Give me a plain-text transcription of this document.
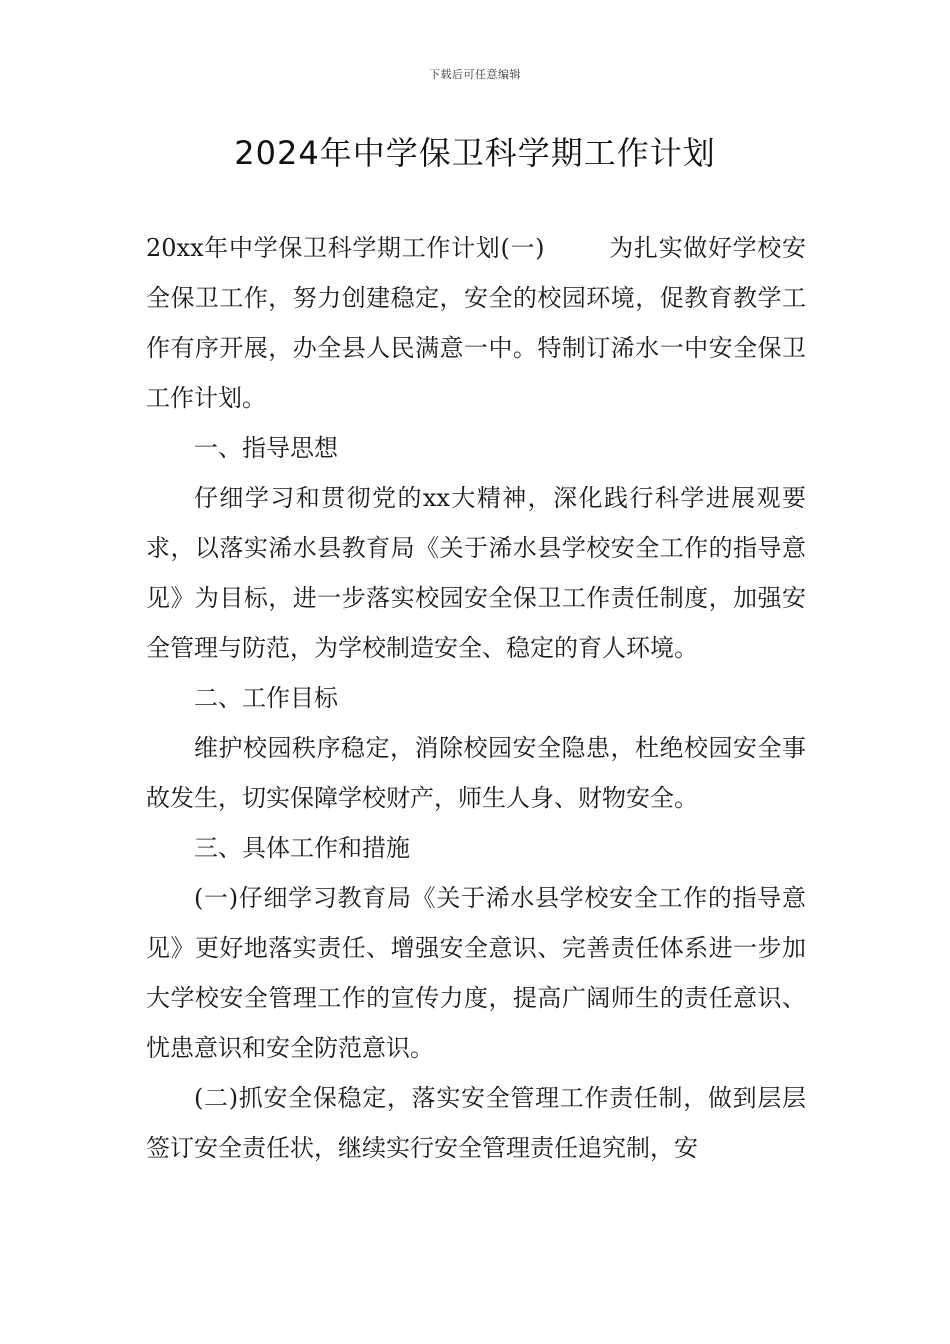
下载后可任意编辑
2024年中学保卫科学期工作计划

20xx年中学保卫科学期工作计划(一)	为扎实做好学校安全保卫工作，努力创建稳定，安全的校园环境，促教育教学工作有序开展，办全县人民满意一中。特制订浠水一中安全保卫工作计划。

一、指导思想

仔细学习和贯彻党的xx大精神，深化践行科学进展观要求，以落实浠水县教育局《关于浠水县学校安全工作的指导意见》为目标，进一步落实校园安全保卫工作责任制度，加强安全管理与防范，为学校制造安全、稳定的育人环境。

二、工作目标

维护校园秩序稳定，消除校园安全隐患，杜绝校园安全事故发生，切实保障学校财产，师生人身、财物安全。

三、具体工作和措施

(一)仔细学习教育局《关于浠水县学校安全工作的指导意见》更好地落实责任、增强安全意识、完善责任体系进一步加大学校安全管理工作的宣传力度，提高广阔师生的责任意识、忧患意识和安全防范意识。

(二)抓安全保稳定，落实安全管理工作责任制，做到层层签订安全责任状，继续实行安全管理责任追究制，安
